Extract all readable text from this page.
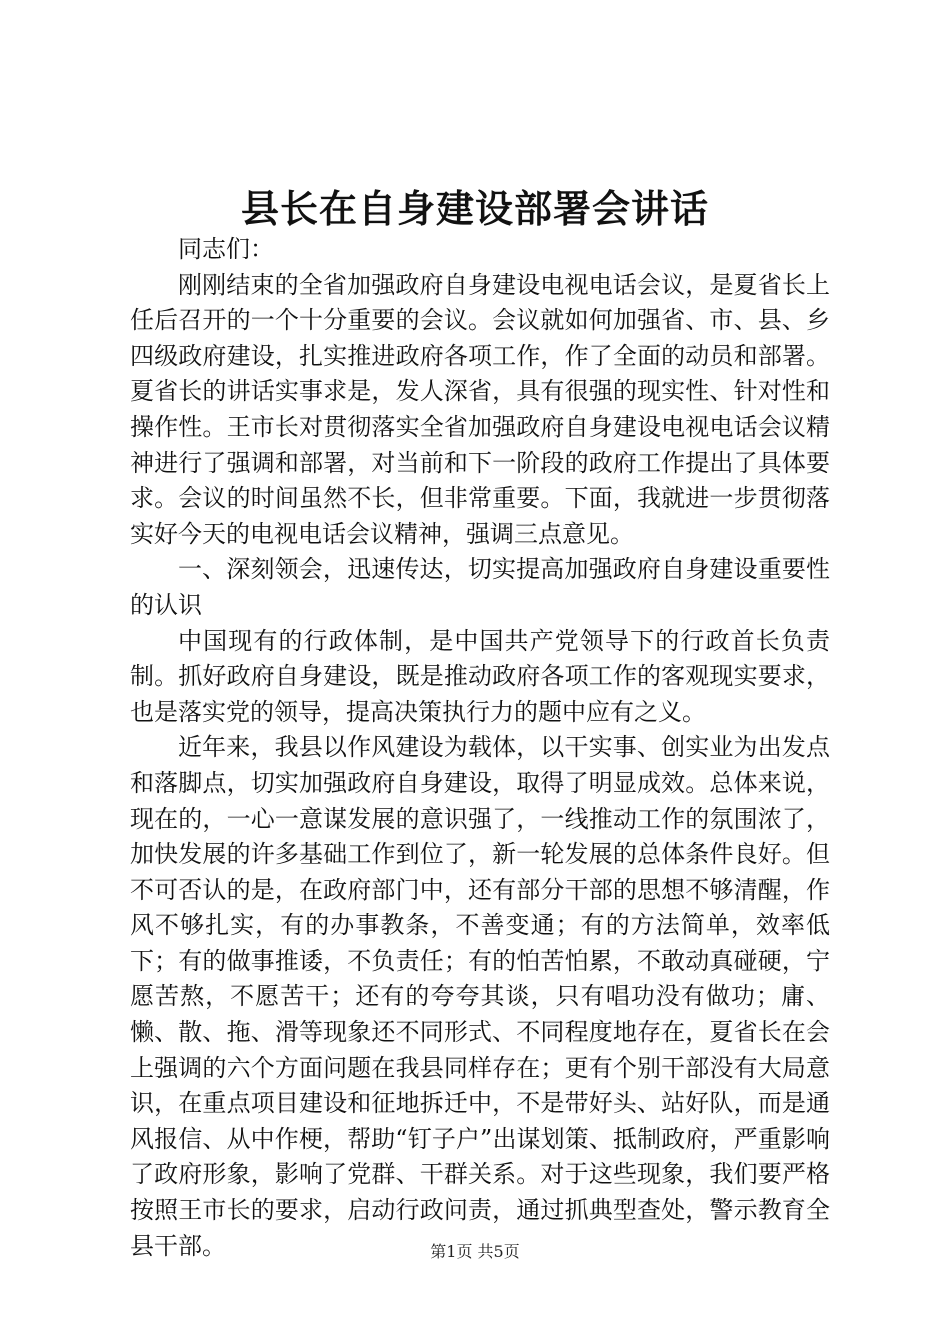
县长在自身建设部署会讲话

同志们：

刚刚结束的全省加强政府自身建设电视电话会议，是夏省长上任后召开的一个十分重要的会议。会议就如何加强省、市、县、乡四级政府建设，扎实推进政府各项工作，作了全面的动员和部署。夏省长的讲话实事求是，发人深省，具有很强的现实性、针对性和操作性。王市长对贯彻落实全省加强政府自身建设电视电话会议精神进行了强调和部署，对当前和下一阶段的政府工作提出了具体要求。会议的时间虽然不长，但非常重要。下面，我就进一步贯彻落实好今天的电视电话会议精神，强调三点意见。

一、深刻领会，迅速传达，切实提高加强政府自身建设重要性的认识

中国现有的行政体制，是中国共产党领导下的行政首长负责制。抓好政府自身建设，既是推动政府各项工作的客观现实要求，也是落实党的领导，提高决策执行力的题中应有之义。

近年来，我县以作风建设为载体，以干实事、创实业为出发点和落脚点，切实加强政府自身建设，取得了明显成效。总体来说，现在的，一心一意谋发展的意识强了，一线推动工作的氛围浓了，加快发展的许多基础工作到位了，新一轮发展的总体条件良好。但不可否认的是，在政府部门中，还有部分干部的思想不够清醒，作风不够扎实，有的办事教条，不善变通；有的方法简单，效率低下；有的做事推诿，不负责任；有的怕苦怕累，不敢动真碰硬，宁愿苦熬，不愿苦干；还有的夸夸其谈，只有唱功没有做功；庸、懒、散、拖、滑等现象还不同形式、不同程度地存在，夏省长在会上强调的六个方面问题在我县同样存在；更有个别干部没有大局意识，在重点项目建设和征地拆迁中，不是带好头、站好队，而是通风报信、从中作梗，帮助“钉子户”出谋划策、抵制政府，严重影响了政府形象，影响了党群、干群关系。对于这些现象，我们要严格按照王市长的要求，启动行政问责，通过抓典型查处，警示教育全县干部。	第1页 共5页
